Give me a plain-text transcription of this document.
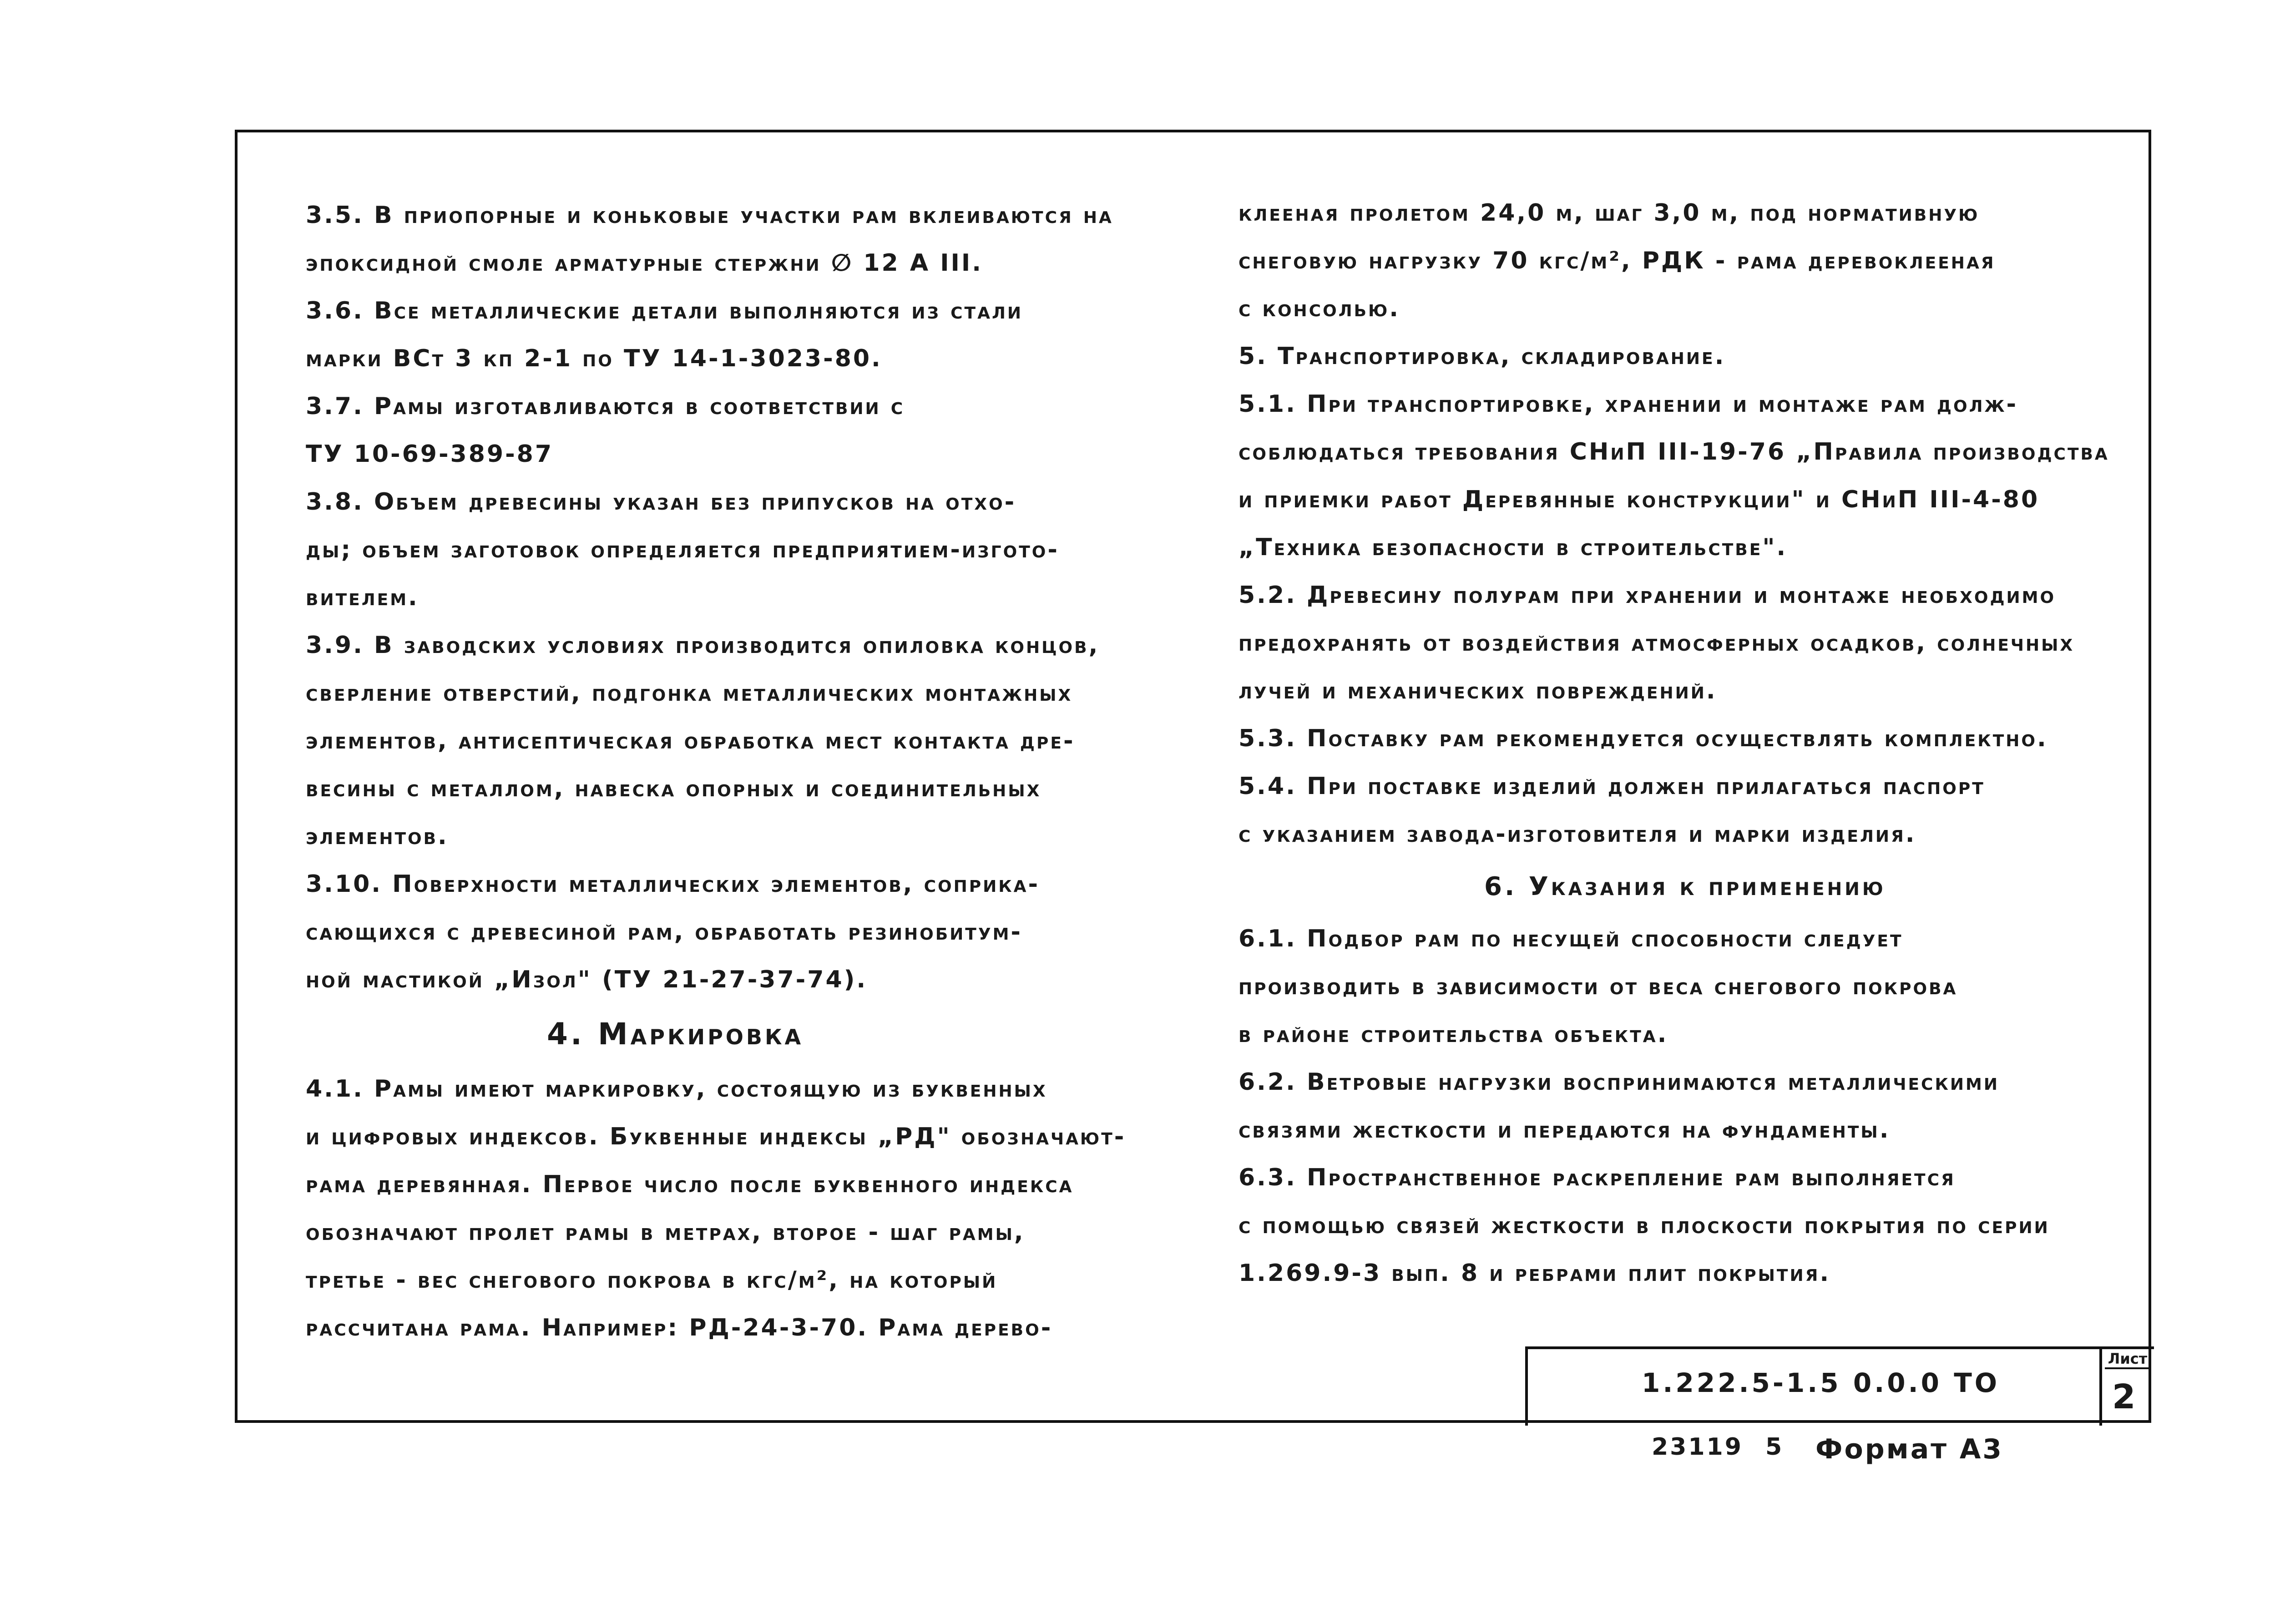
3.5. В приопорные и коньковые участки рам вклеиваются на
эпоксидной смоле арматурные стержни ∅ 12 А III.
3.6. Все металлические детали выполняются из стали
марки ВСт 3 кп 2-1 по ТУ 14-1-3023-80.
3.7. Рамы изготавливаются в соответствии с
ТУ 10-69-389-87
3.8. Объем древесины указан без припусков на отхо-
ды; объем заготовок определяется предприятием-изгото-
вителем.
3.9. В заводских условиях производится опиловка концов,
сверление отверстий, подгонка металлических монтажных
элементов, антисептическая обработка мест контакта дре-
весины с металлом, навеска опорных и соединительных
элементов.
3.10. Поверхности металлических элементов, соприка-
сающихся с древесиной рам, обработать резинобитум-
ной мастикой „Изол" (ТУ 21-27-37-74).
4. Маркировка
4.1. Рамы имеют маркировку, состоящую из буквенных
и цифровых индексов. Буквенные индексы „РД" обозначают-
рама деревянная. Первое число после буквенного индекса
обозначают пролет рамы в метрах, второе - шаг рамы,
третье - вес снегового покрова в кгс/м², на который
рассчитана рама. Например: РД-24-3-70. Рама дерево-
клееная пролетом 24,0 м, шаг 3,0 м, под нормативную
снеговую нагрузку 70 кгс/м², РДК - рама деревоклееная
с консолью.
5. Транспортировка, складирование.
5.1. При транспортировке, хранении и монтаже рам долж-
соблюдаться требования СНиП III-19-76 „Правила производства
и приемки работ Деревянные конструкции" и СНиП III-4-80
„Техника безопасности в строительстве".
5.2. Древесину полурам при хранении и монтаже необходимо
предохранять от воздействия атмосферных осадков, солнечных
лучей и механических повреждений.
5.3. Поставку рам рекомендуется осуществлять комплектно.
5.4. При поставке изделий должен прилагаться паспорт
с указанием завода-изготовителя и марки изделия.
6. Указания к применению
6.1. Подбор рам по несущей способности следует
производить в зависимости от веса снегового покрова
в районе строительства объекта.
6.2. Ветровые нагрузки воспринимаются металлическими
связями жесткости и передаются на фундаменты.
6.3. Пространственное раскрепление рам выполняется
с помощью связей жесткости в плоскости покрытия по серии
1.269.9-3 вып. 8 и ребрами плит покрытия.
1.222.5-1.5 0.0.0 ТО
Лист
2
23119 5 Формат А3
